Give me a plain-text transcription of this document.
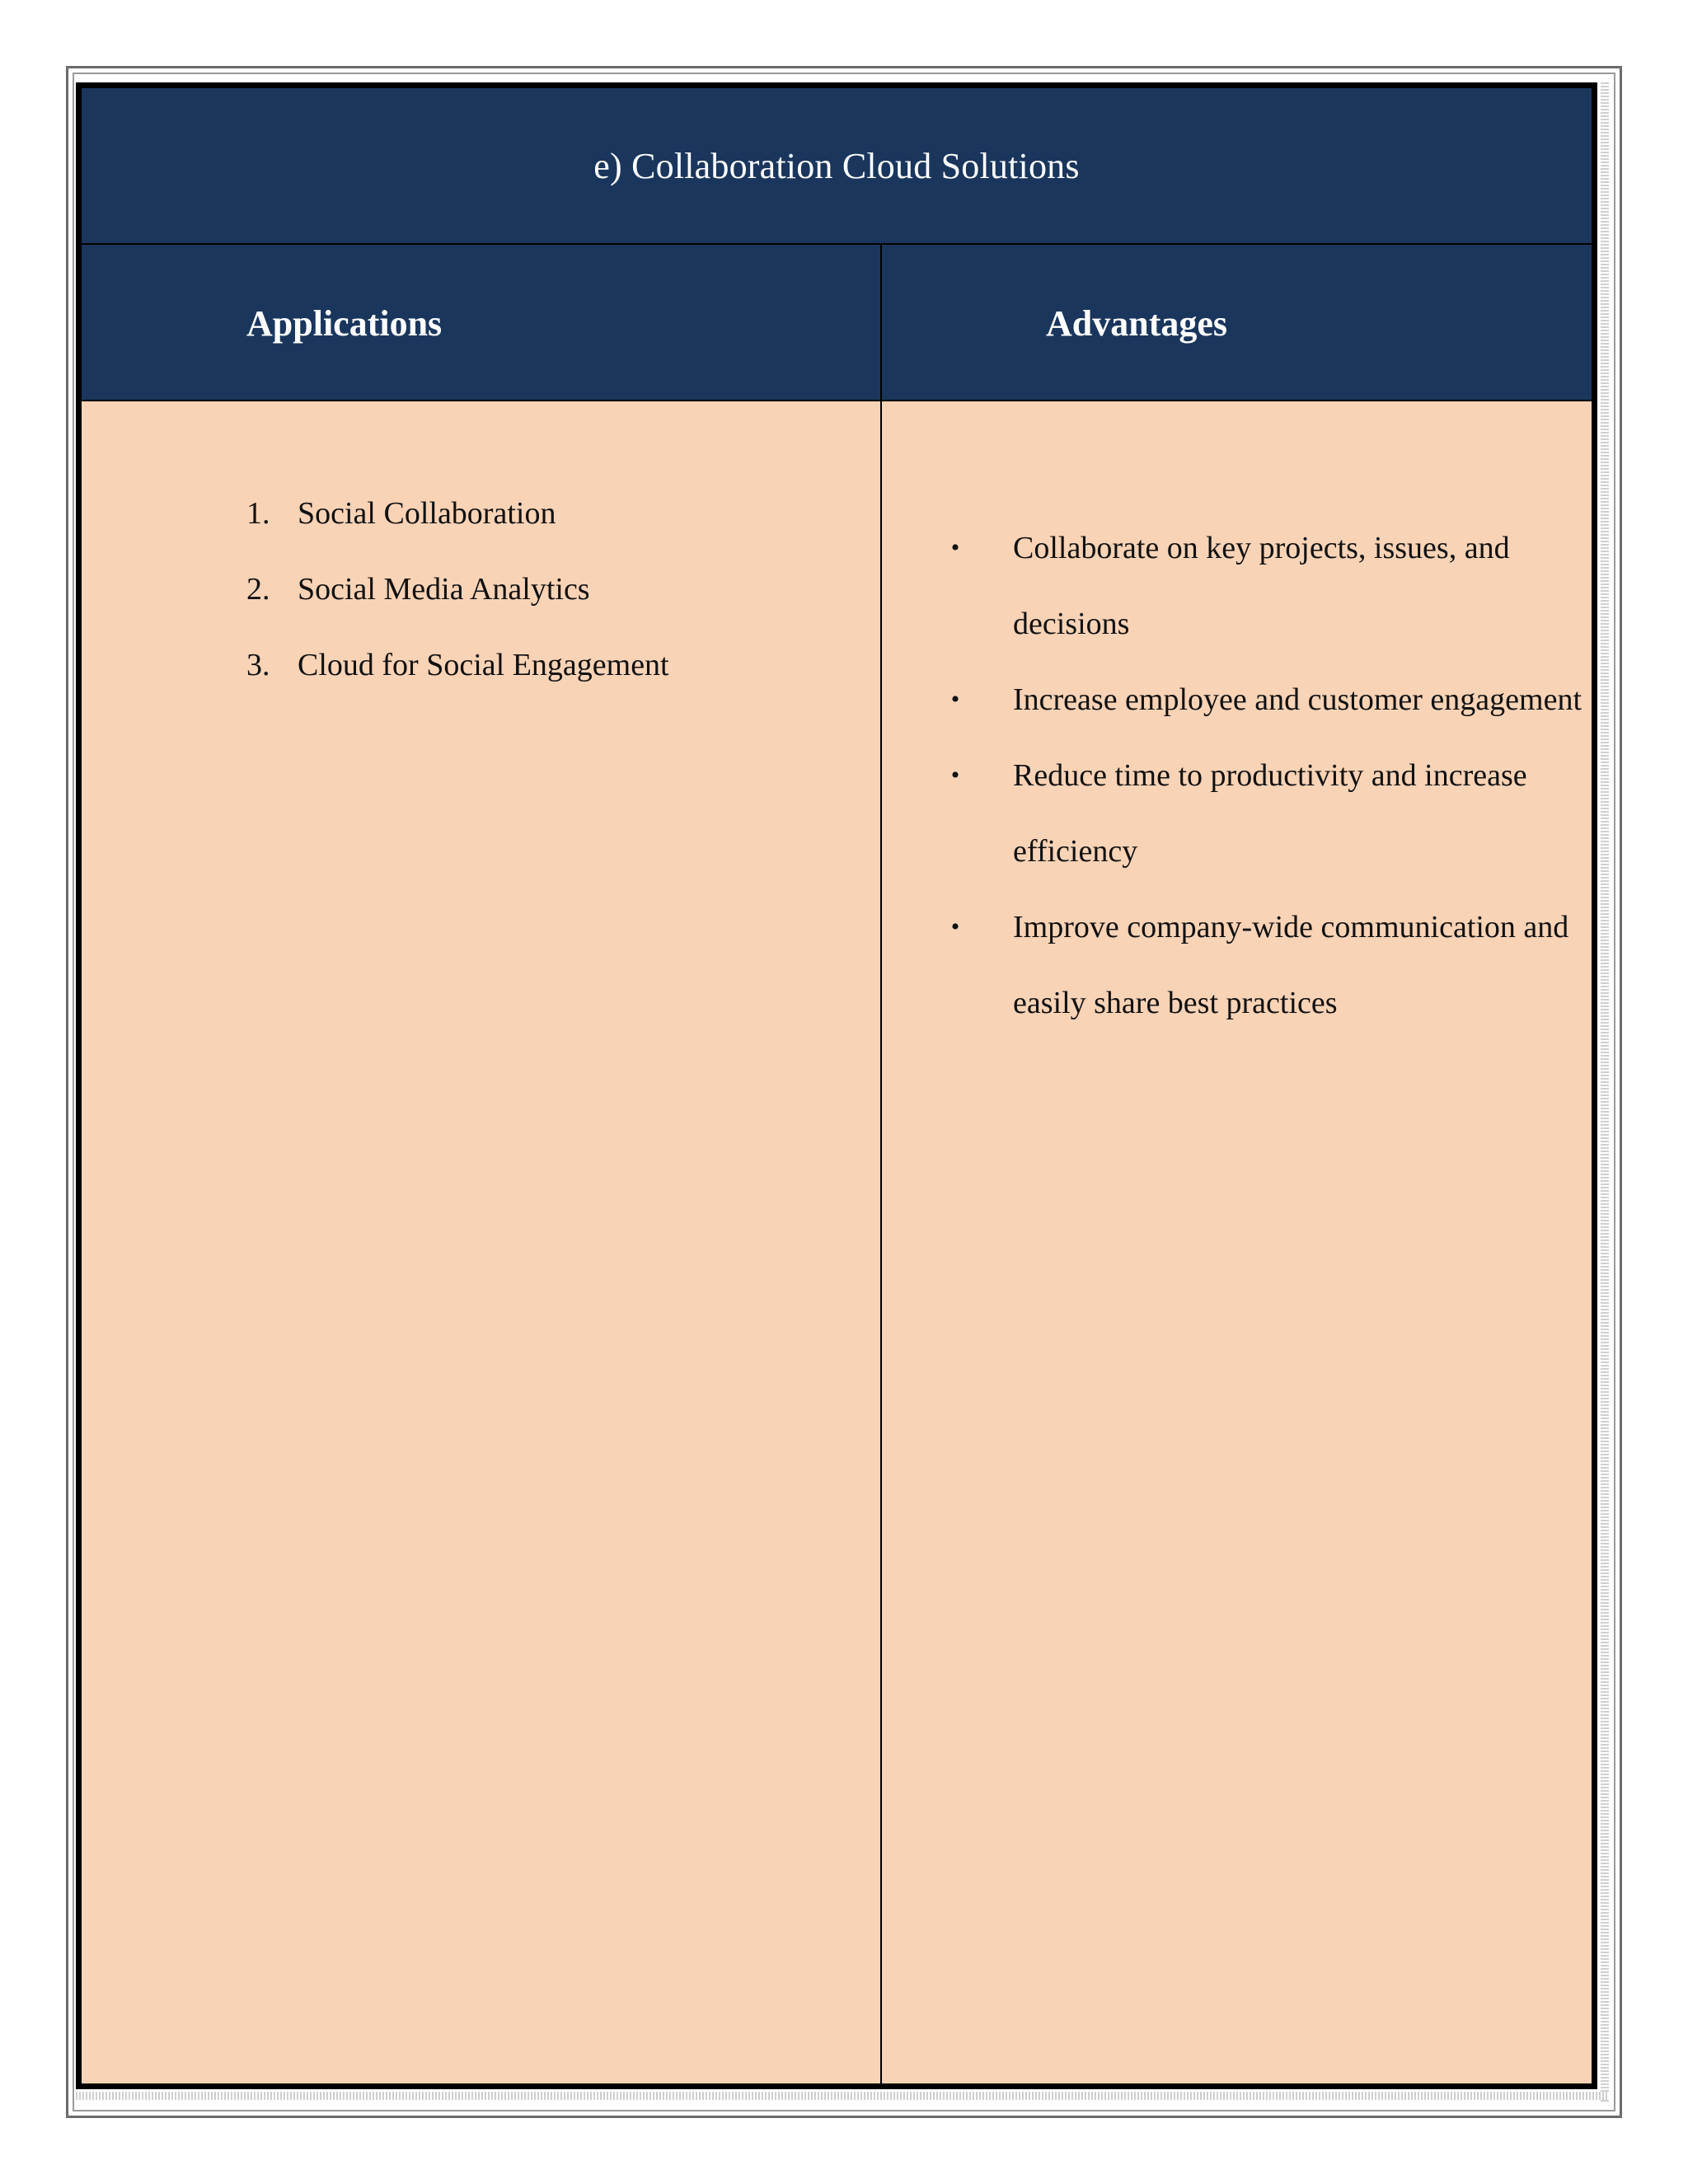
e) Collaboration Cloud Solutions
Applications	Advantages
1. Social Collaboration
2. Social Media Analytics
3. Cloud for Social Engagement
•	Collaborate on key projects, issues, and decisions
•	Increase employee and customer engagement
•	Reduce time to productivity and increase efficiency
•	Improve company-wide communication and easily share best practices
